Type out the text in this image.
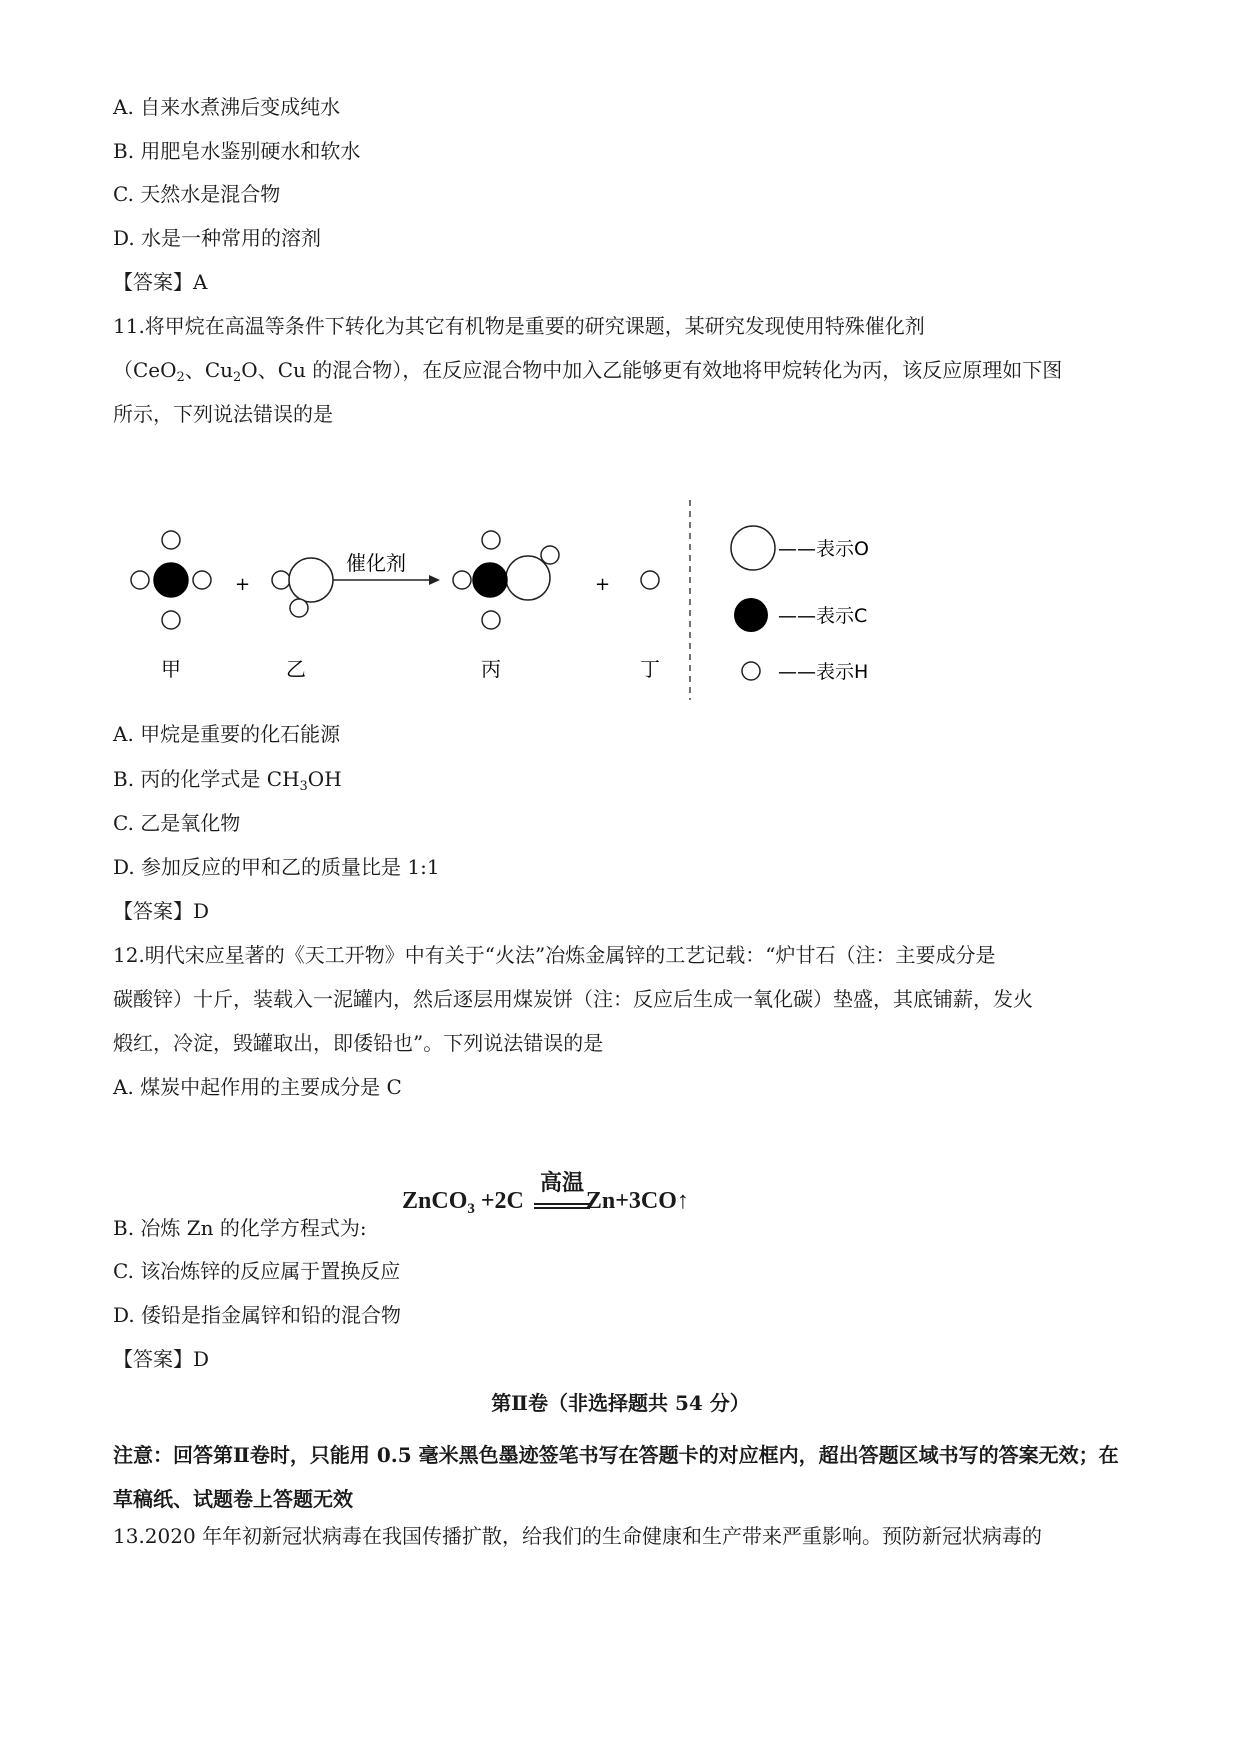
A. 自来水煮沸后变成纯水
B. 用肥皂水鉴别硬水和软水
C. 天然水是混合物
D. 水是一种常用的溶剂
【答案】A
11.将甲烷在高温等条件下转化为其它有机物是重要的研究课题，某研究发现使用特殊催化剂
（CeO$_2$、$Cu_2O$、Cu 的混合物），在反应混合物中加入乙能够更有效地将甲烷转化为丙，该反应原理如下图
所示，下列说法错误的是
+
催化剂
+
甲	乙	丙	丁
——表示O
——表示C
——表示H
A. 甲烷是重要的化石能源
B. 丙的化学式是 $CH_3OH$
C. 乙是氧化物
D. 参加反应的甲和乙的质量比是 1:1
【答案】D
12.明代宋应星著的《天工开物》中有关于“火法”冶炼金属锌的工艺记载：“炉甘石（注：主要成分是
碳酸锌）十斤，装载入一泥罐内，然后逐层用煤炭饼（注：反应后生成一氧化碳）垫盛，其底铺薪，发火
煅红，冷淀，毁罐取出，即倭铅也”。下列说法错误的是
A. 煤炭中起作用的主要成分是 C
高温
ZnCO$_3$ +2C	Zn+3CO↑
B. 冶炼 Zn 的化学方程式为:
C. 该冶炼锌的反应属于置换反应
D. 倭铅是指金属锌和铅的混合物
【答案】D
第Ⅱ卷（非选择题共 54 分）
注意：回答第Ⅱ卷时，只能用 0.5 毫米黑色墨迹签笔书写在答题卡的对应框内，超出答题区域书写的答案无效；在草稿纸、试题卷上答题无效
13.2020 年年初新冠状病毒在我国传播扩散，给我们的生命健康和生产带来严重影响。预防新冠状病毒的
